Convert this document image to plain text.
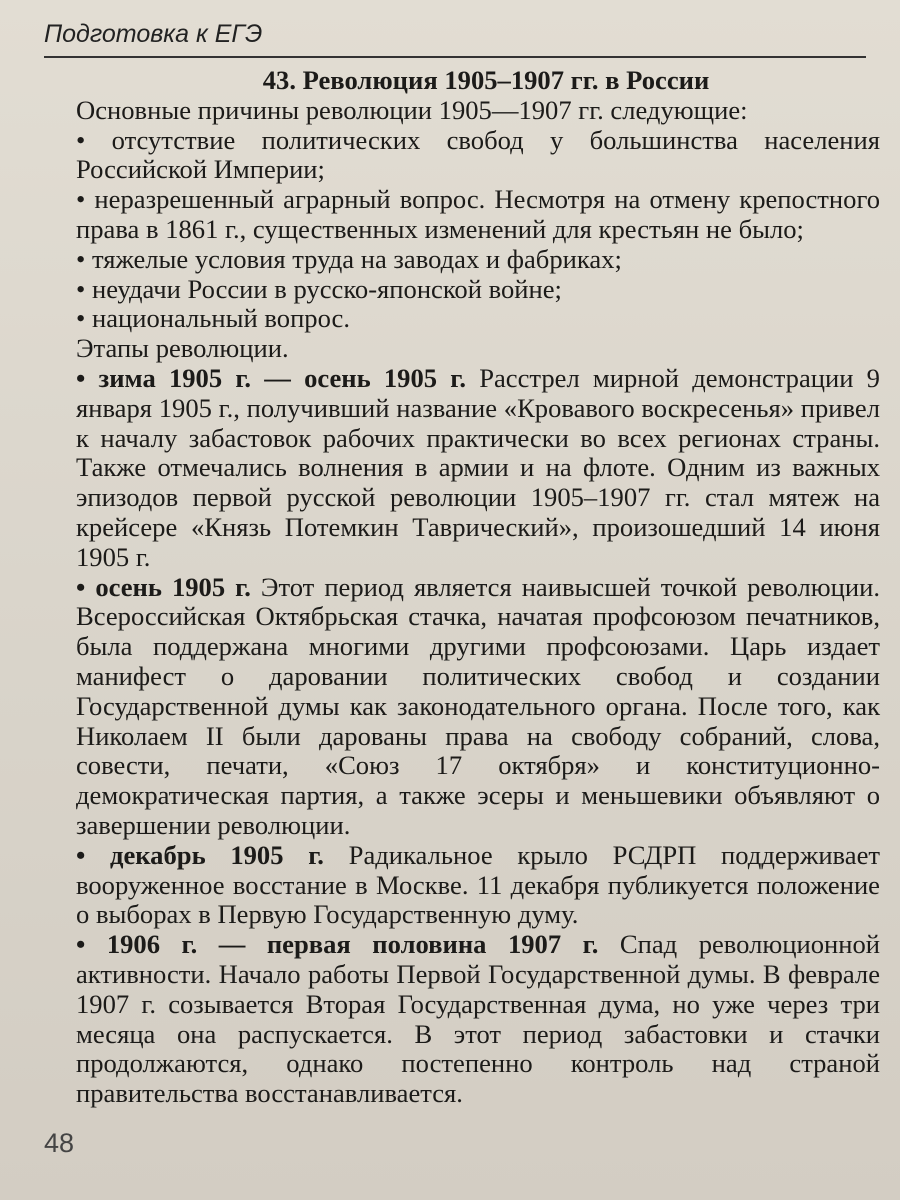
Подготовка к ЕГЭ

43. Революция 1905–1907 гг. в России

Основные причины революции 1905—1907 гг. следующие:

• отсутствие политических свобод у большинства населения Российской Империи;

• неразрешенный аграрный вопрос. Несмотря на отмену крепостного права в 1861 г., существенных изменений для крестьян не было;

• тяжелые условия труда на заводах и фабриках;

• неудачи России в русско-японской войне;

• национальный вопрос.

Этапы революции.

• зима 1905 г. — осень 1905 г. Расстрел мирной демонстрации 9 января 1905 г., получивший название «Кровавого воскресенья» привел к началу забастовок рабочих практически во всех регионах страны. Также отмечались волнения в армии и на флоте. Одним из важных эпизодов первой русской революции 1905–1907 гг. стал мятеж на крейсере «Князь Потемкин Таврический», произошедший 14 июня 1905 г.

• осень 1905 г. Этот период является наивысшей точкой революции. Всероссийская Октябрьская стачка, начатая профсоюзом печатников, была поддержана многими другими профсоюзами. Царь издает манифест о даровании политических свобод и создании Государственной думы как законодательного органа. После того, как Николаем II были дарованы права на свободу собраний, слова, совести, печати, «Союз 17 октября» и конституционно-демократическая партия, а также эсеры и меньшевики объявляют о завершении революции.

• декабрь 1905 г. Радикальное крыло РСДРП поддерживает вооруженное восстание в Москве. 11 декабря публикуется положение о выборах в Первую Государственную думу.

• 1906 г. — первая половина 1907 г. Спад революционной активности. Начало работы Первой Государственной думы. В феврале 1907 г. созывается Вторая Государственная дума, но уже через три месяца она распускается. В этот период забастовки и стачки продолжаются, однако постепенно контроль над страной правительства восстанавливается.

48
